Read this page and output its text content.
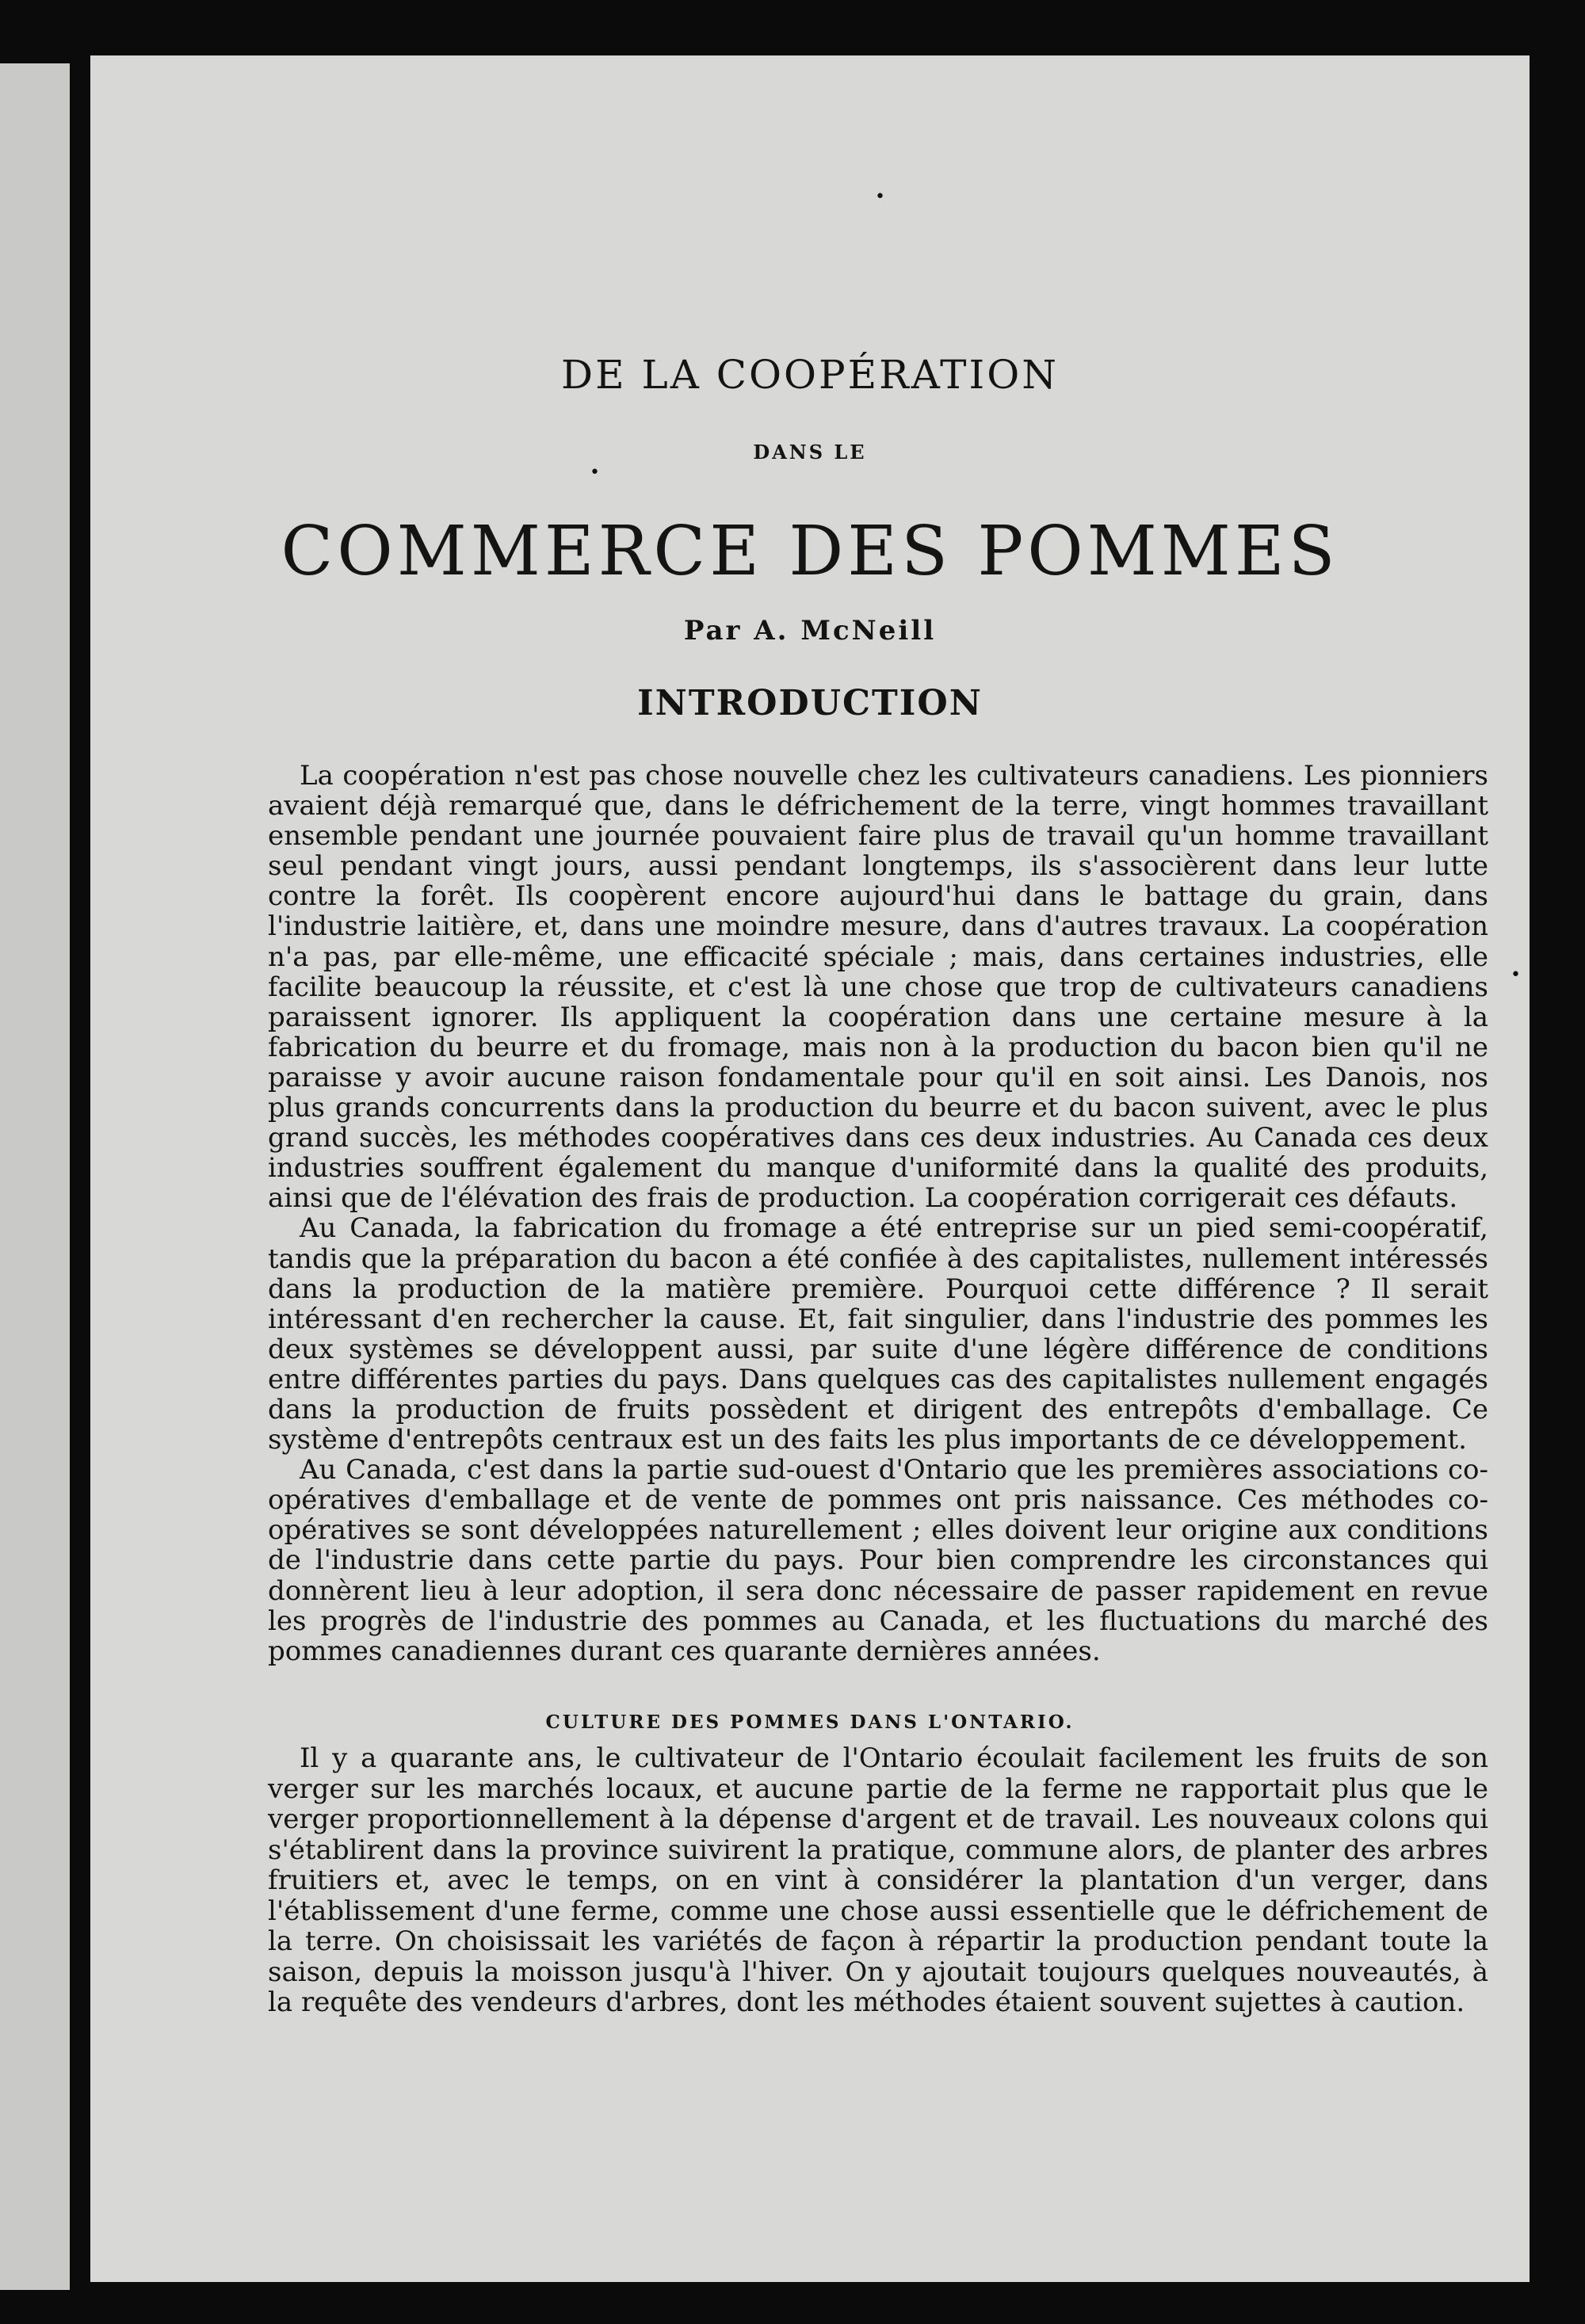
•
•
•
DE LA COOPÉRATION
DANS LE
COMMERCE DES POMMES
Par A. McNeill
INTRODUCTION

La coopération n'est pas chose nouvelle chez les cultivateurs canadiens. Les pionniers avaient déjà remarqué que, dans le défrichement de la terre, vingt hommes travaillant ensemble pendant une journée pouvaient faire plus de travail qu'un homme travaillant seul pendant vingt jours, aussi pendant longtemps, ils s'associèrent dans leur lutte contre la forêt. Ils coopèrent encore aujourd'hui dans le battage du grain, dans l'industrie laitière, et, dans une moindre mesure, dans d'autres travaux. La coopération n'a pas, par elle-même, une efficacité spéciale ; mais, dans certaines industries, elle facilite beaucoup la réussite, et c'est là une chose que trop de cultivateurs canadiens paraissent ignorer. Ils appliquent la coopération dans une certaine mesure à la fabrication du beurre et du fromage, mais non à la production du bacon bien qu'il ne paraisse y avoir aucune raison fondamentale pour qu'il en soit ainsi. Les Danois, nos plus grands concurrents dans la production du beurre et du bacon suivent, avec le plus grand succès, les méthodes coopératives dans ces deux industries. Au Canada ces deux industries souffrent également du manque d'uniformité dans la qualité des produits, ainsi que de l'élévation des frais de production. La coopération corrigerait ces défauts.

Au Canada, la fabrication du fromage a été entreprise sur un pied semi-coopératif, tandis que la préparation du bacon a été confiée à des capitalistes, nullement intéressés dans la production de la matière première. Pourquoi cette différence ? Il serait intéressant d'en rechercher la cause. Et, fait singulier, dans l'industrie des pommes les deux systèmes se développent aussi, par suite d'une légère différence de conditions entre différentes parties du pays. Dans quelques cas des capitalistes nullement engagés dans la production de fruits possèdent et dirigent des entrepôts d'emballage. Ce système d'entrepôts centraux est un des faits les plus importants de ce développement.

Au Canada, c'est dans la partie sud-ouest d'Ontario que les premières associations co-opératives d'emballage et de vente de pommes ont pris naissance. Ces méthodes co-opératives se sont développées naturellement ; elles doivent leur origine aux conditions de l'industrie dans cette partie du pays. Pour bien comprendre les circonstances qui donnèrent lieu à leur adoption, il sera donc nécessaire de passer rapidement en revue les progrès de l'industrie des pommes au Canada, et les fluctuations du marché des pommes canadiennes durant ces quarante dernières années.

CULTURE DES POMMES DANS L'ONTARIO.

Il y a quarante ans, le cultivateur de l'Ontario écoulait facilement les fruits de son verger sur les marchés locaux, et aucune partie de la ferme ne rapportait plus que le verger proportionnellement à la dépense d'argent et de travail. Les nouveaux colons qui s'établirent dans la province suivirent la pratique, commune alors, de planter des arbres fruitiers et, avec le temps, on en vint à considérer la plantation d'un verger, dans l'établissement d'une ferme, comme une chose aussi essentielle que le défrichement de la terre. On choisissait les variétés de façon à répartir la production pendant toute la saison, depuis la moisson jusqu'à l'hiver. On y ajoutait toujours quelques nouveautés, à la requête des vendeurs d'arbres, dont les méthodes étaient souvent sujettes à caution.
